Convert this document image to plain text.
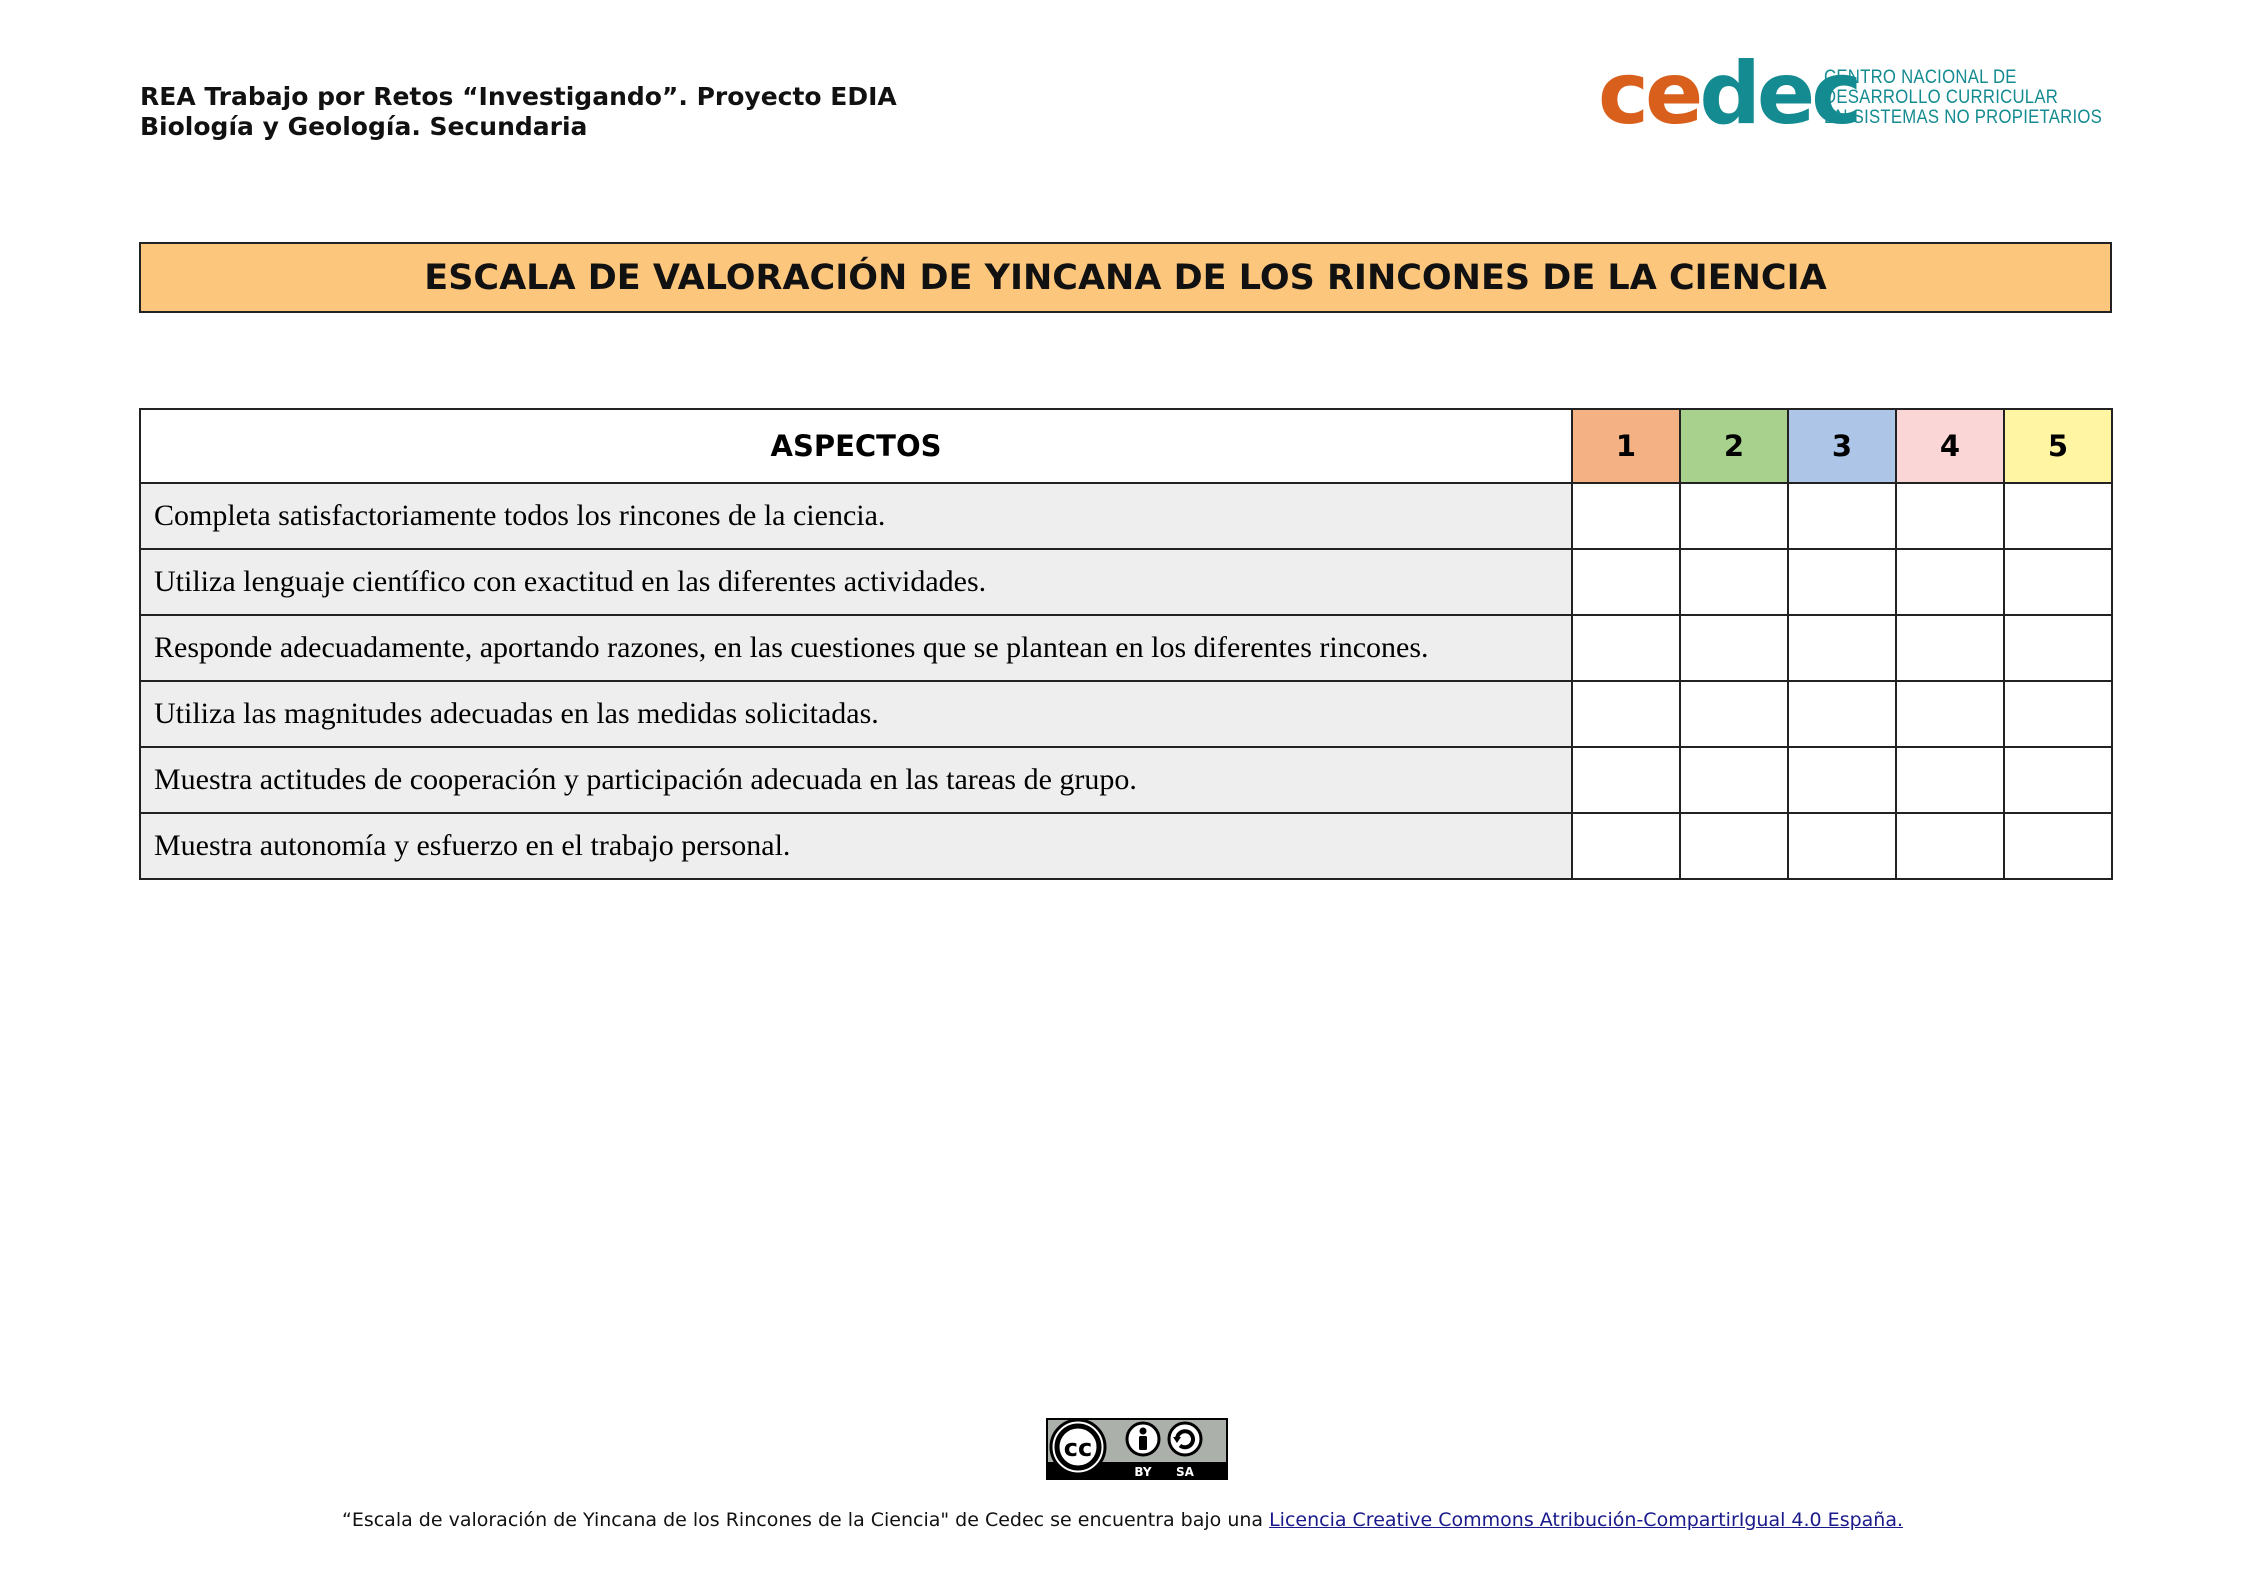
REA Trabajo por Retos “Investigando”. Proyecto EDIA
Biología y Geología. Secundaria	cedec
CENTRO NACIONAL DE
DESARROLLO CURRICULAR
EN SISTEMAS NO PROPIETARIOS
ESCALA DE VALORACIÓN DE YINCANA DE LOS RINCONES DE LA CIENCIA
ASPECTOS	1	2	3	4	5
Completa satisfactoriamente todos los rincones de la ciencia.					
Utiliza lenguaje científico con exactitud en las diferentes actividades.					
Responde adecuadamente, aportando razones, en las cuestiones que se plantean en los diferentes rincones.					
Utiliza las magnitudes adecuadas en las medidas solicitadas.					
Muestra actitudes de cooperación y participación adecuada en las tareas de grupo.					
Muestra autonomía y esfuerzo en el trabajo personal.					
cc
BY SA
“Escala de valoración de Yincana de los Rincones de la Ciencia" de Cedec se encuentra bajo una Licencia Creative Commons Atribución-CompartirIgual 4.0 España.
